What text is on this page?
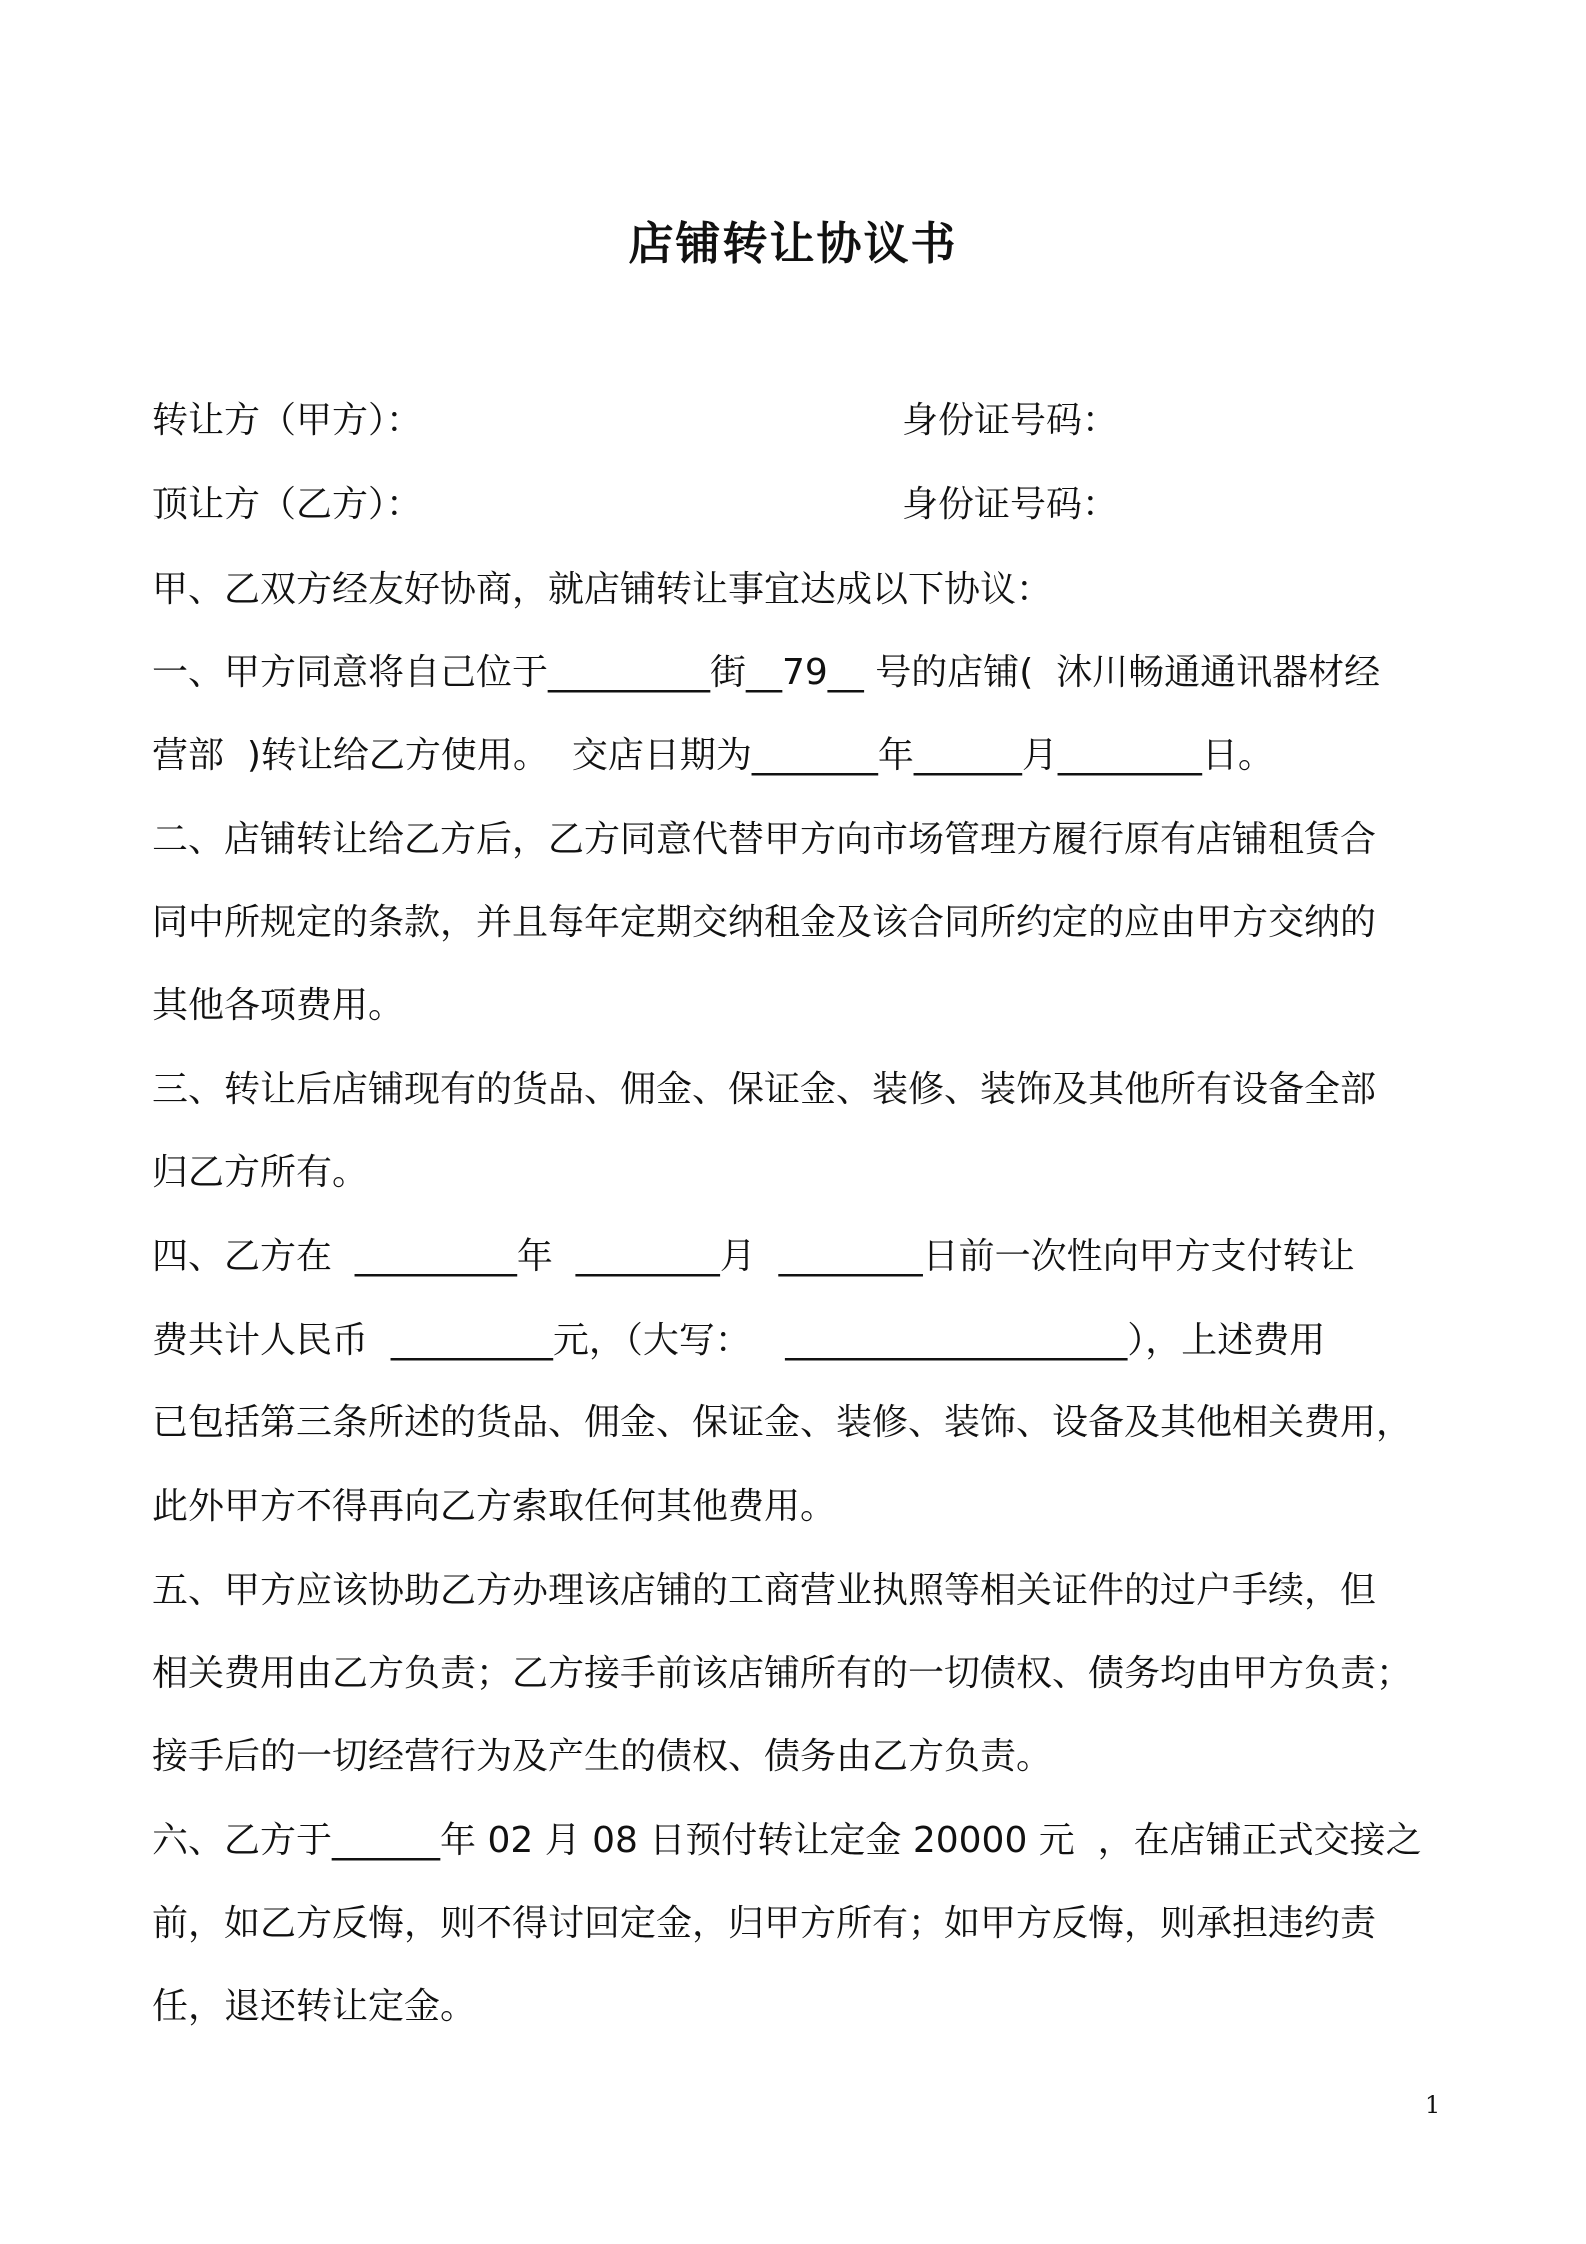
店铺转让协议书
转让方（甲方）：	身份证号码：
顶让方（乙方）：	身份证号码：
甲、乙双方经友好协商，就店铺转让事宜达成以下协议：
一、甲方同意将自己位于_________街__79__ 号的店铺(  沐川畅通通讯器材经
营部  )转让给乙方使用。  交店日期为_______年______月________日。
二、店铺转让给乙方后，乙方同意代替甲方向市场管理方履行原有店铺租赁合
同中所规定的条款，并且每年定期交纳租金及该合同所约定的应由甲方交纳的
其他各项费用。
三、转让后店铺现有的货品、佣金、保证金、装修、装饰及其他所有设备全部
归乙方所有。
四、乙方在  _________年  ________月  ________日前一次性向甲方支付转让
费共计人民币  _________元，（大写：   ___________________），上述费用
已包括第三条所述的货品、佣金、保证金、装修、装饰、设备及其他相关费用，
此外甲方不得再向乙方索取任何其他费用。
五、甲方应该协助乙方办理该店铺的工商营业执照等相关证件的过户手续，但
相关费用由乙方负责；乙方接手前该店铺所有的一切债权、债务均由甲方负责；
接手后的一切经营行为及产生的债权、债务由乙方负责。
六、乙方于______年 02 月 08 日预付转让定金 20000 元  ，在店铺正式交接之
前，如乙方反悔，则不得讨回定金，归甲方所有；如甲方反悔，则承担违约责
任，退还转让定金。
1
